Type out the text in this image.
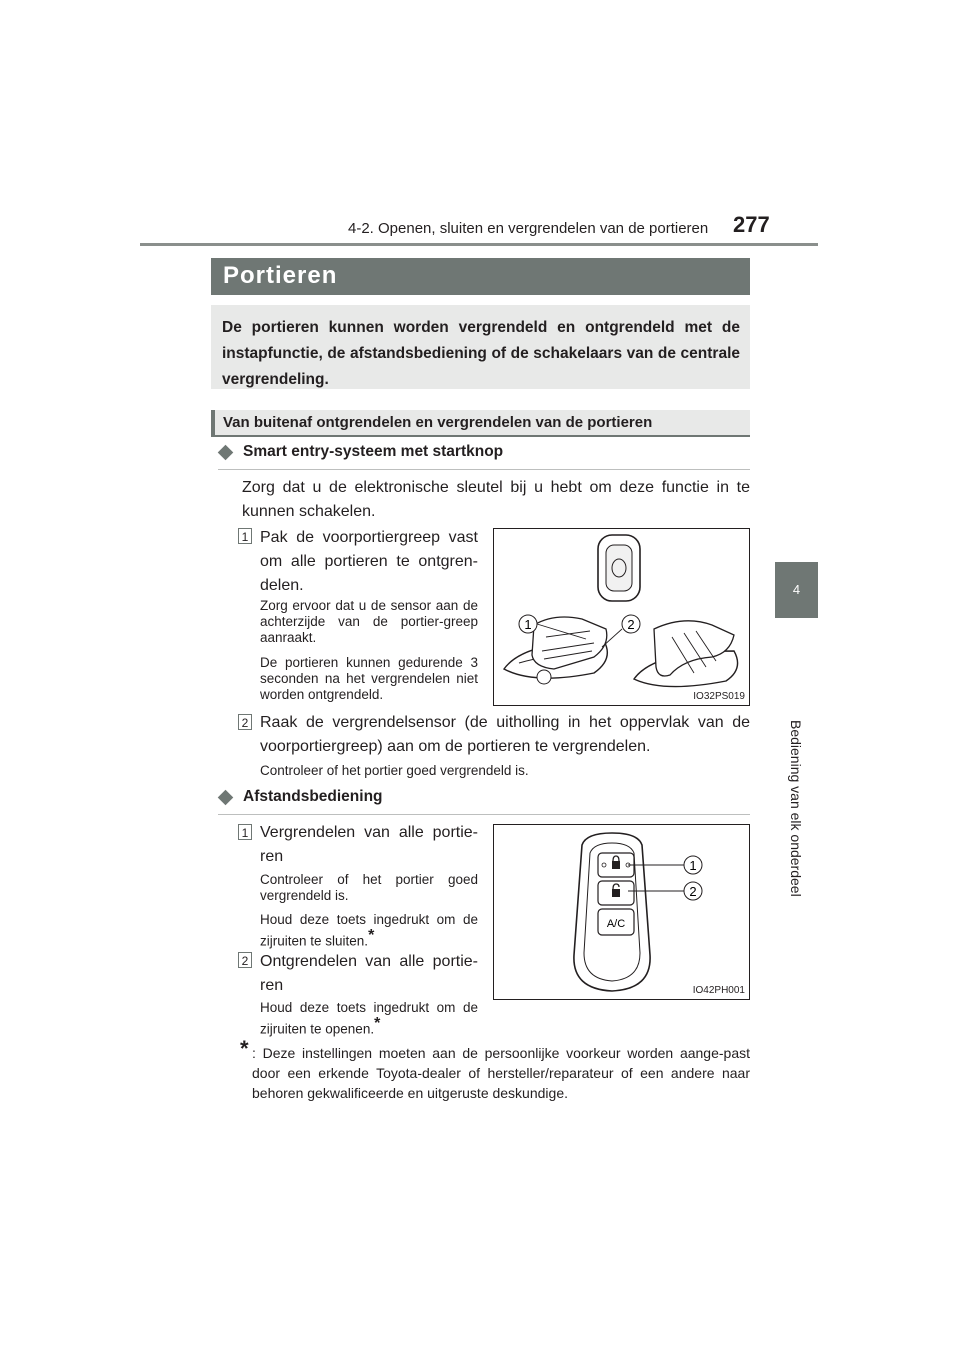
4-2. Openen, sluiten en vergrendelen van de portieren 277
4
Bediening van elk onderdeel
Portieren

De portieren kunnen worden vergrendeld en ontgrendeld met de instapfunctie, de afstandsbediening of de schakelaars van de centrale vergrendeling.

Van buitenaf ontgrendelen en vergrendelen van de portieren
Smart entry-systeem met startknop
Zorg dat u de elektronische sleutel bij u hebt om deze functie in te kunnen schakelen.
1 Pak de voorportiergreep vast om alle portieren te ontgren-delen.
Zorg ervoor dat u de sensor aan de achterzijde van de portier-greep aanraakt.
De portieren kunnen gedurende 3 seconden na het vergrendelen niet worden ontgrendeld.
1	2
IO32PS019
2 Raak de vergrendelsensor (de uitholling in het oppervlak van de voorportiergreep) aan om de portieren te vergrendelen.
Controleer of het portier goed vergrendeld is.
Afstandsbediening
1 Vergrendelen van alle portie-ren
Controleer of het portier goed vergrendeld is.
Houd deze toets ingedrukt om de zijruiten te sluiten.*
2 Ontgrendelen van alle portie-ren
Houd deze toets ingedrukt om de zijruiten te openen.*
A/C
1
2
IO42PH001
* : Deze instellingen moeten aan de persoonlijke voorkeur worden aange-past door een erkende Toyota-dealer of hersteller/reparateur of een andere naar behoren gekwalificeerde en uitgeruste deskundige.
